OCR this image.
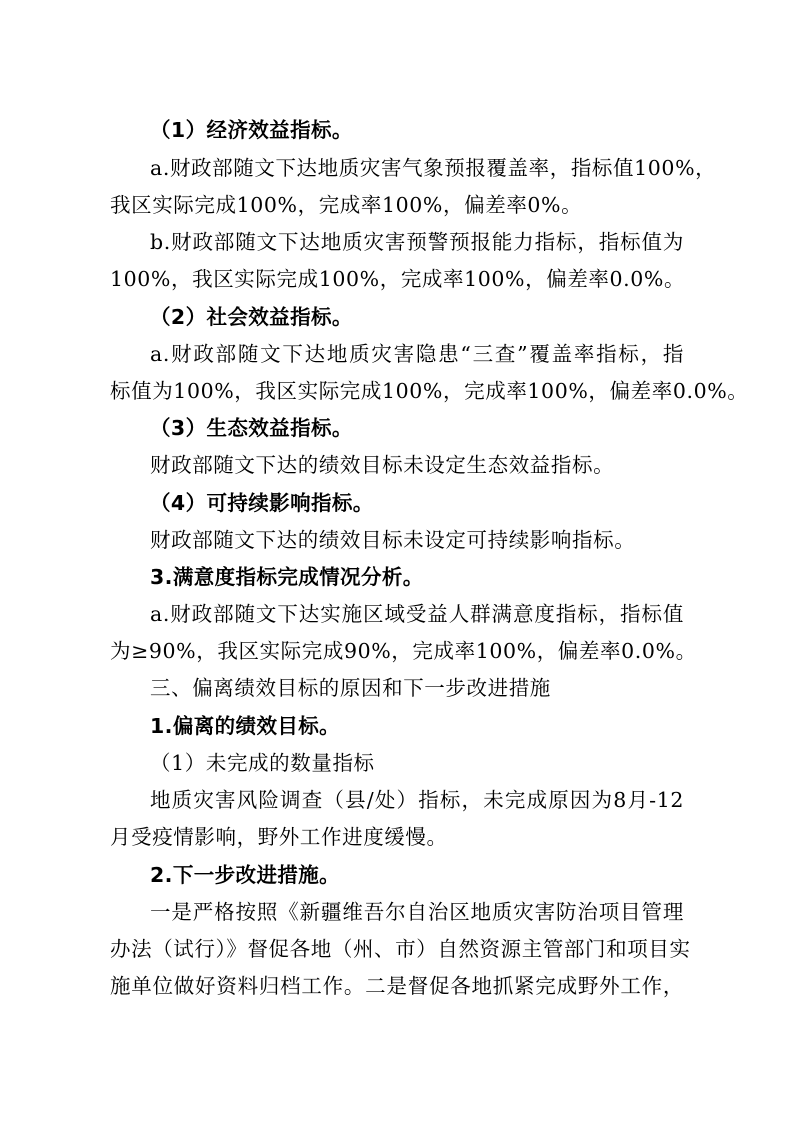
（1）经济效益指标。
a.财政部随文下达地质灾害气象预报覆盖率，指标值100%，
我区实际完成100%，完成率100%，偏差率0%。
b.财政部随文下达地质灾害预警预报能力指标，指标值为
100%，我区实际完成100%，完成率100%，偏差率0.0%。
（2）社会效益指标。
a.财政部随文下达地质灾害隐患“三查”覆盖率指标，指
标值为100%，我区实际完成100%，完成率100%，偏差率0.0%。
（3）生态效益指标。
财政部随文下达的绩效目标未设定生态效益指标。
（4）可持续影响指标。
财政部随文下达的绩效目标未设定可持续影响指标。
3.满意度指标完成情况分析。
a.财政部随文下达实施区域受益人群满意度指标，指标值
为≥90%，我区实际完成90%，完成率100%，偏差率0.0%。
三、偏离绩效目标的原因和下一步改进措施
1.偏离的绩效目标。
（1）未完成的数量指标
地质灾害风险调查（县/处）指标，未完成原因为8月-12
月受疫情影响，野外工作进度缓慢。
2.下一步改进措施。
一是严格按照《新疆维吾尔自治区地质灾害防治项目管理
办法（试行）》督促各地（州、市）自然资源主管部门和项目实
施单位做好资料归档工作。二是督促各地抓紧完成野外工作，
